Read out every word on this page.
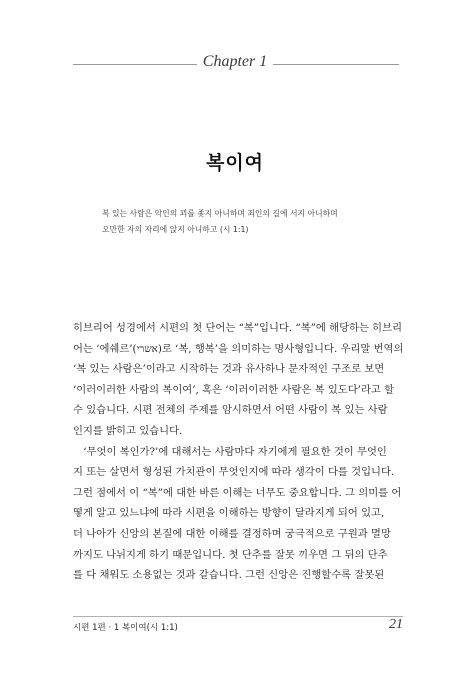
Chapter 1
복이여
복 있는 사람은 악인의 꾀를 좇지 아니하며 죄인의 길에 서지 아니하며
오만한 자의 자리에 앉지 아니하고 (시 1:1)
히브리어 성경에서 시편의 첫 단어는 “복”입니다. “복”에 해당하는 히브리
어는 ‘에쉐르’(אשרי)로 ‘복, 행복’을 의미하는 명사형입니다. 우리말 번역의
‘복 있는 사람은’이라고 시작하는 것과 유사하나 문자적인 구조로 보면
‘이러이러한 사람의 복이여’, 혹은 ‘이러이러한 사람은 복 있도다’라고 할
수 있습니다. 시편 전체의 주제를 암시하면서 어떤 사람이 복 있는 사람
인지를 밝히고 있습니다.
　‘무엇이 복인가?’에 대해서는 사람마다 자기에게 필요한 것이 무엇인
지 또는 살면서 형성된 가치관이 무엇인지에 따라 생각이 다를 것입니다.
그런 점에서 이 “복”에 대한 바른 이해는 너무도 중요합니다. 그 의미를 어
떻게 알고 있느냐에 따라 시편을 이해하는 방향이 달라지게 되어 있고,
더 나아가 신앙의 본질에 대한 이해를 결정하며 궁극적으로 구원과 멸망
까지도 나뉘지게 하기 때문입니다. 첫 단추를 잘못 끼우면 그 뒤의 단추
를 다 채워도 소용없는 것과 같습니다. 그런 신앙은 진행할수록 잘못된
시편 1편 · 1 복이여(시 1:1)	21
